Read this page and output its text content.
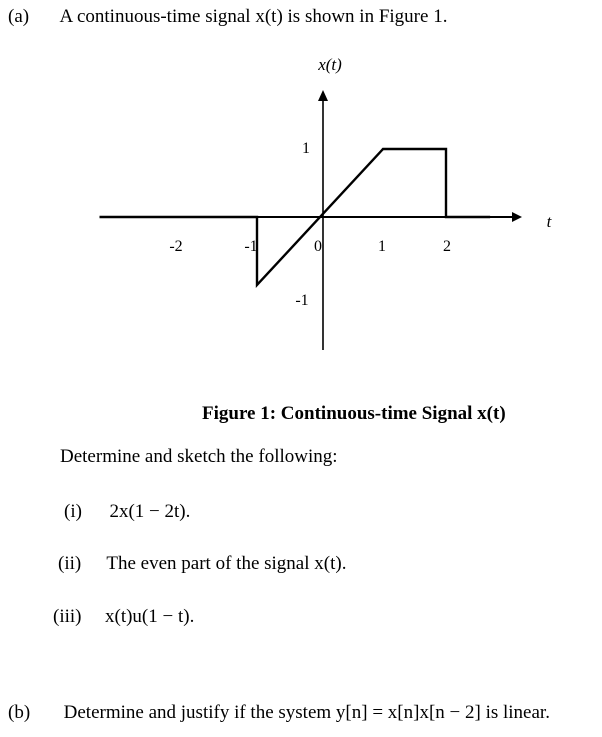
(a) A continuous-time signal x(t) is shown in Figure 1.
x(t)
t
-2	-1	0	1	2
1
-1
Figure 1: Continuous-time Signal x(t)
Determine and sketch the following:
(i) 2x(1 − 2t).
(ii) The even part of the signal x(t).
(iii) x(t)u(1 − t).
(b) Determine and justify if the system y[n] = x[n]x[n − 2] is linear.
